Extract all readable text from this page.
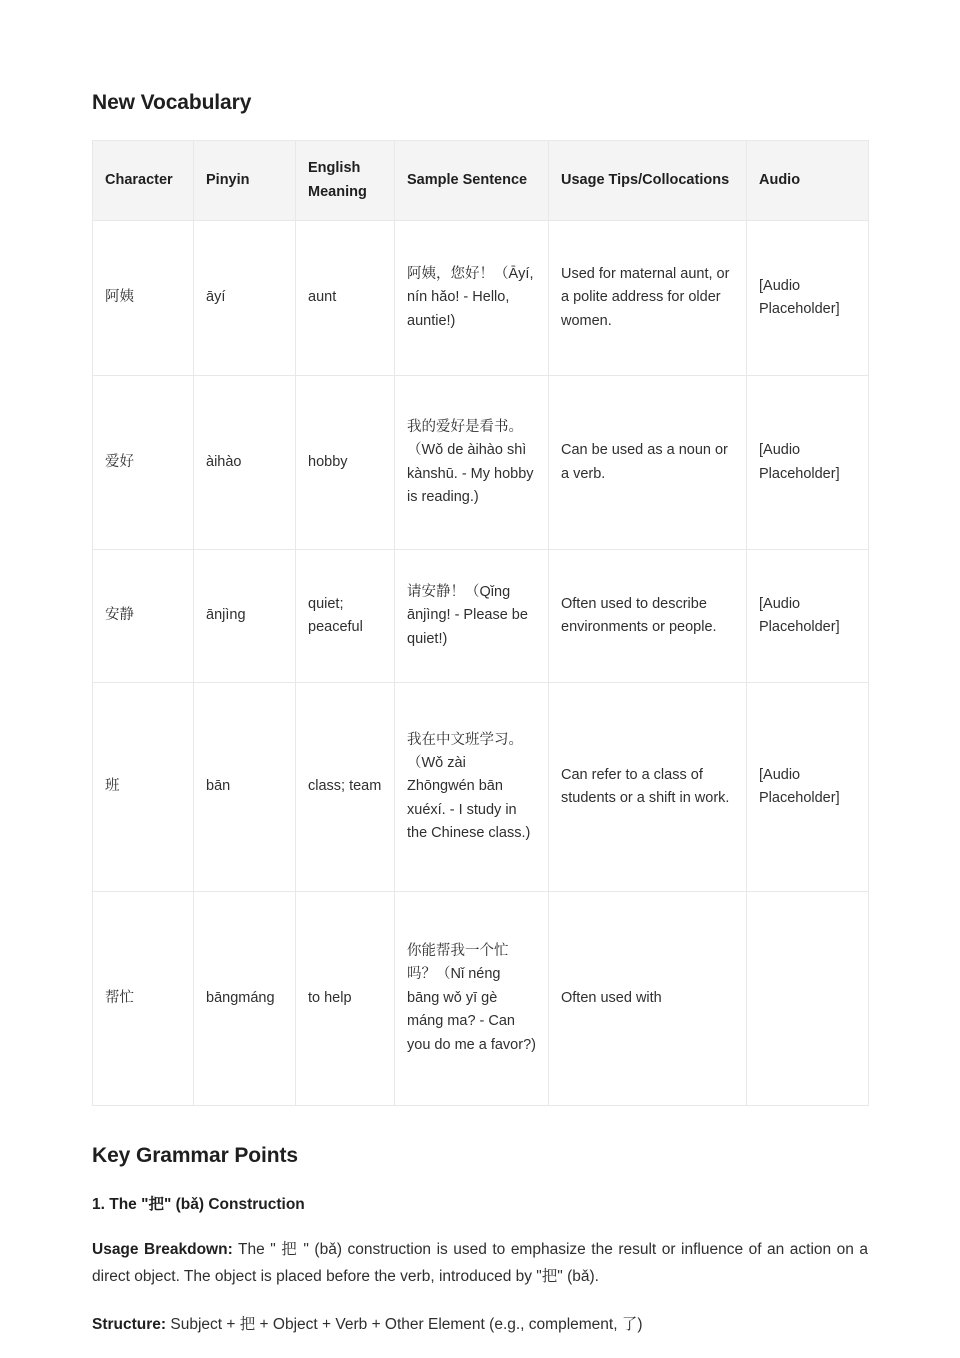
New Vocabulary
Character	Pinyin	English Meaning	Sample Sentence	Usage Tips/Collocations	Audio
阿姨	āyí	aunt	阿姨，您好！（Āyí, nín hǎo! - Hello, auntie!)	Used for maternal aunt, or a polite address for older women.	[Audio Placeholder]
爱好	àihào	hobby	我的爱好是看书。（Wǒ de àihào shì kànshū. - My hobby is reading.)	Can be used as a noun or a verb.	[Audio Placeholder]
安静	ānjìng	quiet; peaceful	请安静！（Qǐng ānjìng! - Please be quiet!)	Often used to describe environments or people.	[Audio Placeholder]
班	bān	class; team	我在中文班学习。（Wǒ zài Zhōngwén bān xuéxí. - I study in the Chinese class.)	Can refer to a class of students or a shift in work.	[Audio Placeholder]
帮忙	bāngmáng	to help	你能帮我一个忙吗？（Nǐ néng bāng wǒ yī gè máng ma? - Can you do me a favor?)	Often used with	
Key Grammar Points
1. The "把" (bǎ) Construction

Usage Breakdown: The " 把 " (bǎ) construction is used to emphasize the result or influence of an action on a direct object. The object is placed before the verb, introduced by "把" (bǎ).

Structure: Subject + 把 + Object + Verb + Other Element (e.g., complement, 了)
